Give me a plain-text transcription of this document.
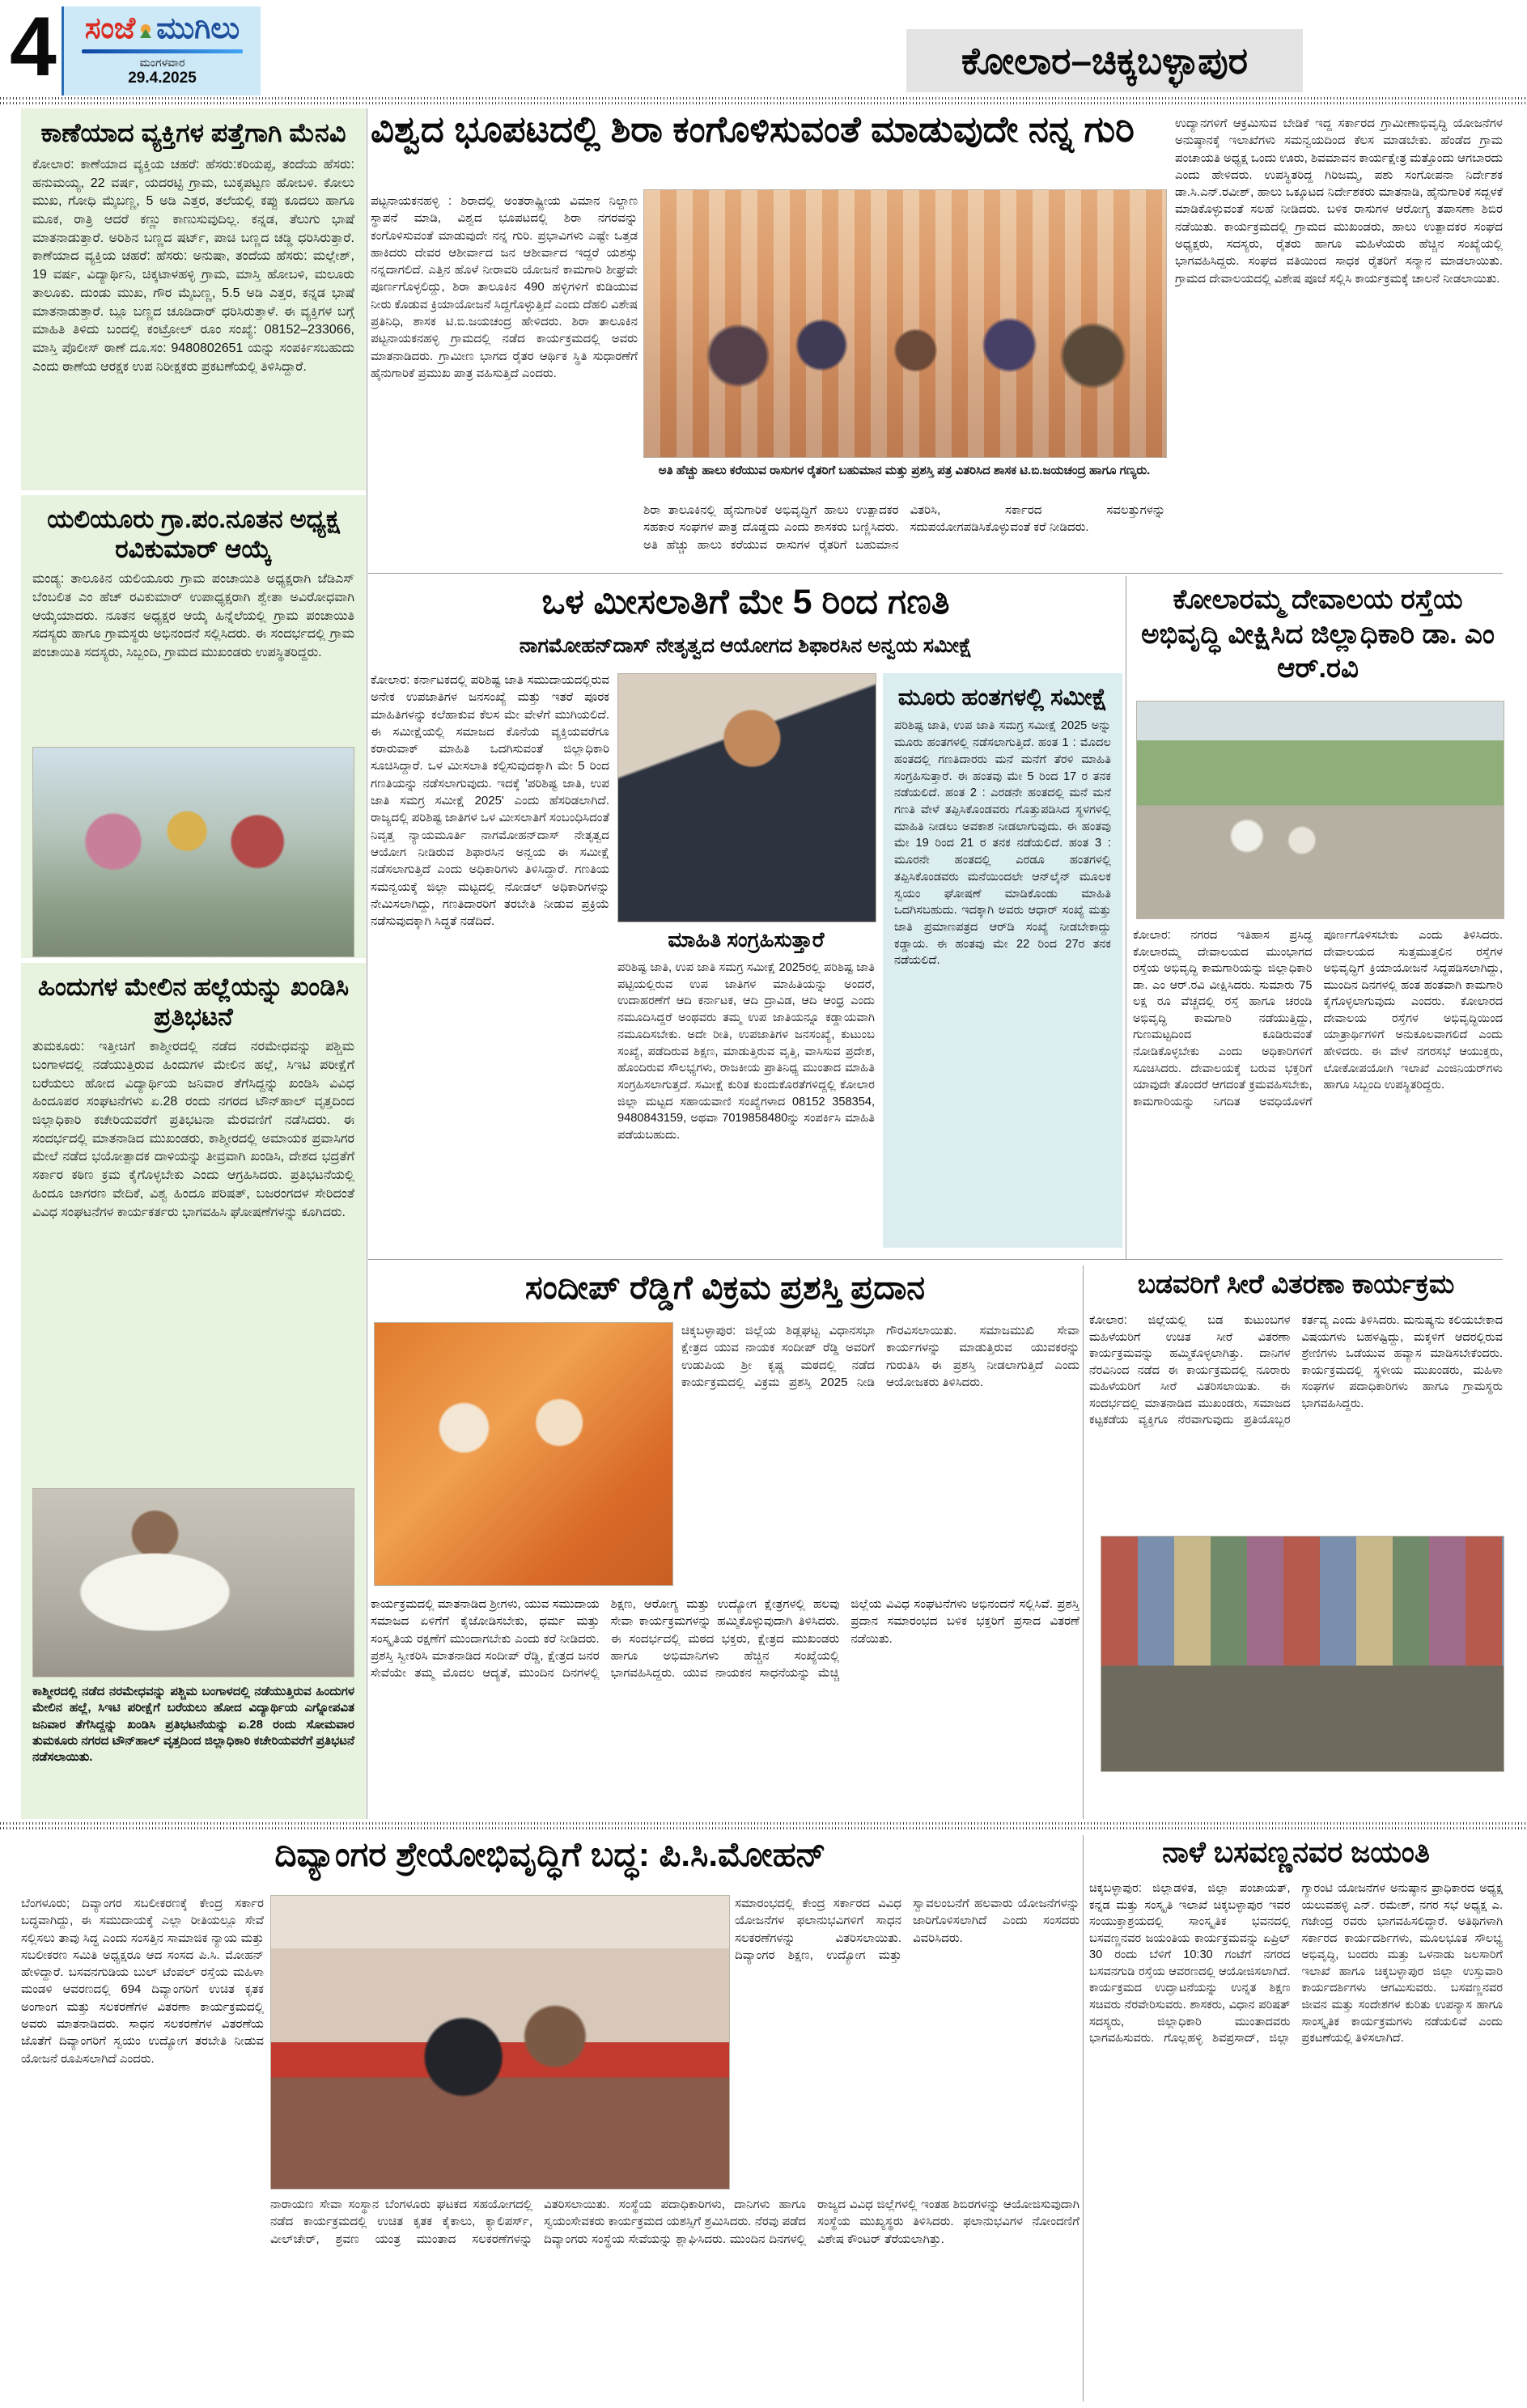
4 ಸಂಜೆ ಮುಗಿಲು
ಮಂಗಳವಾರ
29.4.2025	ಕೋಲಾರ–ಚಿಕ್ಕಬಳ್ಳಾಪುರ
ಕಾಣೆಯಾದ ವ್ಯಕ್ತಿಗಳ ಪತ್ತೆಗಾಗಿ ಮೆನವಿ
ಕೋಲಾರ: ಕಾಣೆಯಾದ ವ್ಯಕ್ತಿಯ ಚಹರೆ: ಹೆಸರು:ಕರಿಯಪ್ಪ, ತಂದೆಯ ಹೆಸರು: ಹನುಮಯ್ಯ, 22 ವರ್ಷ, ಯದರಟ್ಟಿ ಗ್ರಾಮ, ಬುಕ್ಕಪಟ್ಟಣ ಹೋಬಳಿ. ಕೋಲು ಮುಖ, ಗೋಧಿ ಮೈಬಣ್ಣ, 5 ಅಡಿ ಎತ್ತರ, ತಲೆಯಲ್ಲಿ ಕಪ್ಪು ಕೂದಲು ಹಾಗೂ ಮೂಕ, ರಾತ್ರಿ ಆದರೆ ಕಣ್ಣು ಕಾಣುಸುವುದಿಲ್ಲ. ಕನ್ನಡ, ತೆಲುಗು ಭಾಷೆ ಮಾತನಾಡುತ್ತಾರೆ. ಅರಿಶಿನ ಬಣ್ಣದ ಷರ್ಟ್, ಪಾಚಿ ಬಣ್ಣದ ಚಡ್ಡಿ ಧರಿಸಿರುತ್ತಾರೆ. ಕಾಣೆಯಾದ ವ್ಯಕ್ತಿಯ ಚಹರೆ: ಹೆಸರು: ಅನುಷಾ, ತಂದೆಯ ಹೆಸರು: ಮಲ್ಲೇಶ್, 19 ವರ್ಷ, ವಿದ್ಯಾರ್ಥಿನಿ, ಚಿಕ್ಕಟಾಳಹಳ್ಳಿ ಗ್ರಾಮ, ಮಾಸ್ತಿ ಹೋಬಳಿ, ಮಲೂರು ತಾಲೂಕು. ದುಂಡು ಮುಖ, ಗೌರ ಮೈಬಣ್ಣ, 5.5 ಅಡಿ ಎತ್ತರ, ಕನ್ನಡ ಭಾಷೆ ಮಾತನಾಡುತ್ತಾರೆ. ಬ್ಲೂ ಬಣ್ಣದ ಚೂಡಿದಾರ್ ಧರಿಸಿರುತ್ತಾಳೆ. ಈ ವ್ಯಕ್ತಿಗಳ ಬಗ್ಗೆ ಮಾಹಿತಿ ತಿಳಿದು ಬಂದಲ್ಲಿ ಕಂಟ್ರೋಲ್ ರೂಂ ಸಂಖ್ಯೆ: 08152–233066, ಮಾಸ್ತಿ ಪೊಲೀಸ್ ಠಾಣೆ ದೂ.ಸಂ: 9480802651 ಯನ್ನು ಸಂಪರ್ಕಿಸಬಹುದು ಎಂದು ಠಾಣೆಯ ಆರಕ್ಷಕ ಉಪ ನಿರೀಕ್ಷಕರು ಪ್ರಕಟಣೆಯಲ್ಲಿ ತಿಳಿಸಿದ್ದಾರೆ.
ಯಲಿಯೂರು ಗ್ರಾ.ಪಂ.ನೂತನ ಅಧ್ಯಕ್ಷ ರವಿಕುಮಾರ್ ಆಯ್ಕೆ
ಮಂಡ್ಯ: ತಾಲೂಕಿನ ಯಲಿಯೂರು ಗ್ರಾಮ ಪಂಚಾಯಿತಿ ಅಧ್ಯಕ್ಷರಾಗಿ ಜೆಡಿಎಸ್ ಬೆಂಬಲಿತ ಎಂ ಹೆಚ್ ರವಿಕುಮಾರ್ ಉಪಾಧ್ಯಕ್ಷರಾಗಿ ಶ್ವೇತಾ ಅವಿರೋಧವಾಗಿ ಆಯ್ಕೆಯಾದರು. ನೂತನ ಅಧ್ಯಕ್ಷರ ಆಯ್ಕೆ ಹಿನ್ನೆಲೆಯಲ್ಲಿ ಗ್ರಾಮ ಪಂಚಾಯಿತಿ ಸದಸ್ಯರು ಹಾಗೂ ಗ್ರಾಮಸ್ಥರು ಅಭಿನಂದನೆ ಸಲ್ಲಿಸಿದರು. ಈ ಸಂದರ್ಭದಲ್ಲಿ ಗ್ರಾಮ ಪಂಚಾಯಿತಿ ಸದಸ್ಯರು, ಸಿಬ್ಬಂದಿ, ಗ್ರಾಮದ ಮುಖಂಡರು ಉಪಸ್ಥಿತರಿದ್ದರು.
ಹಿಂದುಗಳ ಮೇಲಿನ ಹಲ್ಲೆಯನ್ನು ಖಂಡಿಸಿ ಪ್ರತಿಭಟನೆ
ತುಮಕೂರು: ಇತ್ತೀಚಿಗೆ ಕಾಶ್ಮೀರದಲ್ಲಿ ನಡೆದ ನರಮೇಧವನ್ನು ಪಶ್ಚಿಮ ಬಂಗಾಳದಲ್ಲಿ ನಡೆಯುತ್ತಿರುವ ಹಿಂದುಗಳ ಮೇಲಿನ ಹಲ್ಲೆ, ಸಿಇಟಿ ಪರೀಕ್ಷೆಗೆ ಬರೆಯಲು ಹೋದ ವಿದ್ಯಾರ್ಥಿಯ ಜನಿವಾರ ತೆಗೆಸಿದ್ದನ್ನು ಖಂಡಿಸಿ ವಿವಿಧ ಹಿಂದೂಪರ ಸಂಘಟನೆಗಳು ಏ.28 ರಂದು ನಗರದ ಟೌನ್‌ಹಾಲ್ ವೃತ್ತದಿಂದ ಜಿಲ್ಲಾಧಿಕಾರಿ ಕಚೇರಿಯವರೆಗೆ ಪ್ರತಿಭಟನಾ ಮೆರವಣಿಗೆ ನಡೆಸಿದರು. ಈ ಸಂದರ್ಭದಲ್ಲಿ ಮಾತನಾಡಿದ ಮುಖಂಡರು, ಕಾಶ್ಮೀರದಲ್ಲಿ ಅಮಾಯಕ ಪ್ರವಾಸಿಗರ ಮೇಲೆ ನಡೆದ ಭಯೋತ್ಪಾದಕ ದಾಳಿಯನ್ನು ತೀವ್ರವಾಗಿ ಖಂಡಿಸಿ, ದೇಶದ ಭದ್ರತೆಗೆ ಸರ್ಕಾರ ಕಠಿಣ ಕ್ರಮ ಕೈಗೊಳ್ಳಬೇಕು ಎಂದು ಆಗ್ರಹಿಸಿದರು. ಪ್ರತಿಭಟನೆಯಲ್ಲಿ ಹಿಂದೂ ಜಾಗರಣ ವೇದಿಕೆ, ವಿಶ್ವ ಹಿಂದೂ ಪರಿಷತ್, ಬಜರಂಗದಳ ಸೇರಿದಂತೆ ವಿವಿಧ ಸಂಘಟನೆಗಳ ಕಾರ್ಯಕರ್ತರು ಭಾಗವಹಿಸಿ ಘೋಷಣೆಗಳನ್ನು ಕೂಗಿದರು.
ಕಾಶ್ಮೀರದಲ್ಲಿ ನಡೆದ ನರಮೇಧವನ್ನು ಪಶ್ಚಿಮ ಬಂಗಾಳದಲ್ಲಿ ನಡೆಯುತ್ತಿರುವ ಹಿಂದುಗಳ ಮೇಲಿನ ಹಲ್ಲೆ, ಸಿಇಟಿ ಪರೀಕ್ಷೆಗೆ ಬರೆಯಲು ಹೋದ ವಿದ್ಯಾರ್ಥಿಯ ಎಗ್ನೋಪವಿತ ಜನಿವಾರ ತೆಗೆಸಿದ್ದನ್ನು ಖಂಡಿಸಿ ಪ್ರತಿಭಟನೆಯನ್ನು ಏ.28 ರಂದು ಸೋಮವಾರ ತುಮಕೂರು ನಗರದ ಟೌನ್‌ಹಾಲ್ ವೃತ್ತದಿಂದ ಜಿಲ್ಲಾಧಿಕಾರಿ ಕಚೇರಿಯವರೆಗೆ ಪ್ರತಿಭಟನೆ ನಡೆಸಲಾಯಿತು.
ವಿಶ್ವದ ಭೂಪಟದಲ್ಲಿ ಶಿರಾ ಕಂಗೊಳಿಸುವಂತೆ ಮಾಡುವುದೇ ನನ್ನ ಗುರಿ	ಉದ್ಯಾನಗಳಿಗೆ ಆಕ್ರಮಿಸುವ ಬೇಡಿಕೆ ಇದ್ದ ಸರ್ಕಾರದ ಗ್ರಾಮೀಣಾಭಿವೃದ್ಧಿ ಯೋಜನೆಗಳ ಅನುಷ್ಠಾನಕ್ಕೆ ಇಲಾಖೆಗಳು ಸಮನ್ವಯದಿಂದ ಕೆಲಸ ಮಾಡಬೇಕು. ಹೆಂಡೆದ ಗ್ರಾಮ ಪಂಚಾಯತಿ ಅಧ್ಯಕ್ಷ ಒಂದು ಊರು, ಶಿವಮಾವನ ಕಾರ್ಯಕ್ಷೇತ್ರ ಮತ್ತೊಂದು ಆಗಬಾರದು ಎಂದು ಹೇಳಿದರು. ಉಪಸ್ಥಿತರಿದ್ದ ಗಿರಿಜಮ್ಮ, ಪಶು ಸಂಗೋಪನಾ ನಿರ್ದೇಶಕ ಡಾ.ಸಿ.ಎನ್.ರವೀಶ್, ಹಾಲು ಒಕ್ಕೂಟದ ನಿರ್ದೇಶಕರು ಮಾತನಾಡಿ, ಹೈನುಗಾರಿಕೆ ಸದ್ಬಳಕೆ ಮಾಡಿಕೊಳ್ಳುವಂತೆ ಸಲಹೆ ನೀಡಿದರು. ಬಳಿಕ ರಾಸುಗಳ ಆರೋಗ್ಯ ತಪಾಸಣಾ ಶಿಬಿರ ನಡೆಯಿತು. ಕಾರ್ಯಕ್ರಮದಲ್ಲಿ ಗ್ರಾಮದ ಮುಖಂಡರು, ಹಾಲು ಉತ್ಪಾದಕರ ಸಂಘದ ಅಧ್ಯಕ್ಷರು, ಸದಸ್ಯರು, ರೈತರು ಹಾಗೂ ಮಹಿಳೆಯರು ಹೆಚ್ಚಿನ ಸಂಖ್ಯೆಯಲ್ಲಿ ಭಾಗವಹಿಸಿದ್ದರು. ಸಂಘದ ವತಿಯಿಂದ ಸಾಧಕ ರೈತರಿಗೆ ಸನ್ಮಾನ ಮಾಡಲಾಯಿತು. ಗ್ರಾಮದ ದೇವಾಲಯದಲ್ಲಿ ವಿಶೇಷ ಪೂಜೆ ಸಲ್ಲಿಸಿ ಕಾರ್ಯಕ್ರಮಕ್ಕೆ ಚಾಲನೆ ನೀಡಲಾಯಿತು.
ಪಟ್ಟನಾಯಕನಹಳ್ಳಿ : ಶಿರಾದಲ್ಲಿ ಅಂತರಾಷ್ಟ್ರೀಯ ವಿಮಾನ ನಿಲ್ದಾಣ ಸ್ಥಾಪನೆ ಮಾಡಿ, ವಿಶ್ವದ ಭೂಪಟದಲ್ಲಿ ಶಿರಾ ನಗರವನ್ನು ಕಂಗೊಳಿಸುವಂತೆ ಮಾಡುವುದೇ ನನ್ನ ಗುರಿ. ಪ್ರಭಾವಿಗಳು ಎಷ್ಟೇ ಒತ್ತಡ ಹಾಕಿದರು ದೇವರ ಆಶೀರ್ವಾದ ಜನ ಆಶೀರ್ವಾದ ಇದ್ದರೆ ಯಶಸ್ಸು ನನ್ನದಾಗಲಿದೆ. ಎತ್ತಿನ ಹೊಳೆ ನೀರಾವರಿ ಯೋಜನೆ ಕಾಮಗಾರಿ ಶೀಘ್ರವೇ ಪೂರ್ಣಗೊಳ್ಳಲಿದ್ದು, ಶಿರಾ ತಾಲೂಕಿನ 490 ಹಳ್ಳಿಗಳಿಗೆ ಕುಡಿಯುವ ನೀರು ಕೊಡುವ ಕ್ರಿಯಾಯೋಜನೆ ಸಿದ್ದಗೊಳ್ಳುತ್ತಿದೆ ಎಂದು ದೆಹಲಿ ವಿಶೇಷ ಪ್ರತಿನಿಧಿ, ಶಾಸಕ ಟಿ.ಬಿ.ಜಯಚಂದ್ರ ಹೇಳಿದರು. ಶಿರಾ ತಾಲೂಕಿನ ಪಟ್ಟನಾಯಕನಹಳ್ಳಿ ಗ್ರಾಮದಲ್ಲಿ ನಡೆದ ಕಾರ್ಯಕ್ರಮದಲ್ಲಿ ಅವರು ಮಾತನಾಡಿದರು. ಗ್ರಾಮೀಣ ಭಾಗದ ರೈತರ ಆರ್ಥಿಕ ಸ್ಥಿತಿ ಸುಧಾರಣೆಗೆ ಹೈನುಗಾರಿಕೆ ಪ್ರಮುಖ ಪಾತ್ರ ವಹಿಸುತ್ತಿದೆ ಎಂದರು.
ಅತಿ ಹೆಚ್ಚು ಹಾಲು ಕರೆಯುವ ರಾಸುಗಳ ರೈತರಿಗೆ ಬಹುಮಾನ ಮತ್ತು ಪ್ರಶಸ್ತಿ ಪತ್ರ ವಿತರಿಸಿದ ಶಾಸಕ ಟಿ.ಬಿ.ಜಯಚಂದ್ರ ಹಾಗೂ ಗಣ್ಯರು.
ಶಿರಾ ತಾಲೂಕಿನಲ್ಲಿ ಹೈನುಗಾರಿಕೆ ಅಭಿವೃದ್ಧಿಗೆ ಹಾಲು ಉತ್ಪಾದಕರ ಸಹಕಾರ ಸಂಘಗಳ ಪಾತ್ರ ದೊಡ್ಡದು ಎಂದು ಶಾಸಕರು ಬಣ್ಣಿಸಿದರು. ಅತಿ ಹೆಚ್ಚು ಹಾಲು ಕರೆಯುವ ರಾಸುಗಳ ರೈತರಿಗೆ ಬಹುಮಾನ ವಿತರಿಸಿ, ಸರ್ಕಾರದ ಸವಲತ್ತುಗಳನ್ನು ಸದುಪಯೋಗಪಡಿಸಿಕೊಳ್ಳುವಂತೆ ಕರೆ ನೀಡಿದರು.
ಒಳ ಮೀಸಲಾತಿಗೆ ಮೇ 5 ರಿಂದ ಗಣತಿ
ನಾಗಮೋಹನ್‌ದಾಸ್ ನೇತೃತ್ವದ ಆಯೋಗದ ಶಿಫಾರಸಿನ ಅನ್ವಯ ಸಮೀಕ್ಷೆ
ಕೋಲಾರ: ಕರ್ನಾಟಕದಲ್ಲಿ ಪರಿಶಿಷ್ಟ ಜಾತಿ ಸಮುದಾಯದಲ್ಲಿರುವ ಅನೇಕ ಉಪಜಾತಿಗಳ ಜನಸಂಖ್ಯೆ ಮತ್ತು ಇತರೆ ಪೂರಕ ಮಾಹಿತಿಗಳನ್ನು ಕಲೆಹಾಕುವ ಕೆಲಸ ಮೇ ವೇಳೆಗೆ ಮುಗಿಯಲಿದೆ. ಈ ಸಮೀಕ್ಷೆಯಲ್ಲಿ ಸಮಾಜದ ಕೊನೆಯ ವ್ಯಕ್ತಿಯವರೆಗೂ ಕರಾರುವಾಕ್ ಮಾಹಿತಿ ಒದಗಿಸುವಂತೆ ಜಿಲ್ಲಾಧಿಕಾರಿ ಸೂಚಿಸಿದ್ದಾರೆ. ಒಳ ಮೀಸಲಾತಿ ಕಲ್ಪಿಸುವುದಕ್ಕಾಗಿ ಮೇ 5 ರಿಂದ ಗಣತಿಯನ್ನು ನಡೆಸಲಾಗುವುದು. ಇದಕ್ಕೆ 'ಪರಿಶಿಷ್ಟ ಜಾತಿ, ಉಪ ಜಾತಿ ಸಮಗ್ರ ಸಮೀಕ್ಷೆ 2025' ಎಂದು ಹೆಸರಿಡಲಾಗಿದೆ. ರಾಜ್ಯದಲ್ಲಿ ಪರಿಶಿಷ್ಟ ಜಾತಿಗಳ ಒಳ ಮೀಸಲಾತಿಗೆ ಸಂಬಂಧಿಸಿದಂತೆ ನಿವೃತ್ತ ನ್ಯಾಯಮೂರ್ತಿ ನಾಗಮೋಹನ್‌ದಾಸ್ ನೇತೃತ್ವದ ಆಯೋಗ ನೀಡಿರುವ ಶಿಫಾರಸಿನ ಅನ್ವಯ ಈ ಸಮೀಕ್ಷೆ ನಡೆಸಲಾಗುತ್ತಿದೆ ಎಂದು ಅಧಿಕಾರಿಗಳು ತಿಳಿಸಿದ್ದಾರೆ. ಗಣತಿಯ ಸಮನ್ವಯಕ್ಕೆ ಜಿಲ್ಲಾ ಮಟ್ಟದಲ್ಲಿ ನೋಡಲ್ ಅಧಿಕಾರಿಗಳನ್ನು ನೇಮಿಸಲಾಗಿದ್ದು, ಗಣತಿದಾರರಿಗೆ ತರಬೇತಿ ನೀಡುವ ಪ್ರಕ್ರಿಯೆ ನಡೆಸುವುದಕ್ಕಾಗಿ ಸಿದ್ಧತೆ ನಡೆದಿದೆ.
ಮಾಹಿತಿ ಸಂಗ್ರಹಿಸುತ್ತಾರೆ
ಪರಿಶಿಷ್ಟ ಜಾತಿ, ಉಪ ಜಾತಿ ಸಮಗ್ರ ಸಮೀಕ್ಷೆ 2025ರಲ್ಲಿ ಪರಿಶಿಷ್ಟ ಜಾತಿ ಪಟ್ಟಿಯಲ್ಲಿರುವ ಉಪ ಜಾತಿಗಳ ಮಾಹಿತಿಯನ್ನು ಅಂದರೆ, ಉದಾಹರಣೆಗೆ ಆದಿ ಕರ್ನಾಟಕ, ಆದಿ ದ್ರಾವಿಡ, ಆದಿ ಆಂಧ್ರ ಎಂದು ನಮೂದಿಸಿದ್ದರೆ ಅಂಥವರು ತಮ್ಮ ಉಪ ಜಾತಿಯನ್ನೂ ಕಡ್ಡಾಯವಾಗಿ ನಮೂದಿಸಬೇಕು. ಅದೇ ರೀತಿ, ಉಪಜಾತಿಗಳ ಜನಸಂಖ್ಯೆ, ಕುಟುಂಬ ಸಂಖ್ಯೆ, ಪಡೆದಿರುವ ಶಿಕ್ಷಣ, ಮಾಡುತ್ತಿರುವ ವೃತ್ತಿ, ವಾಸಿಸುವ ಪ್ರದೇಶ, ಹೊಂದಿರುವ ಸೌಲಭ್ಯಗಳು, ರಾಜಕೀಯ ಪ್ರಾತಿನಿಧ್ಯ ಮುಂತಾದ ಮಾಹಿತಿ ಸಂಗ್ರಹಿಸಲಾಗುತ್ತದೆ. ಸಮೀಕ್ಷೆ ಕುರಿತ ಕುಂದುಕೊರತೆಗಳಿದ್ದಲ್ಲಿ ಕೋಲಾರ ಜಿಲ್ಲಾ ಮಟ್ಟದ ಸಹಾಯವಾಣಿ ಸಂಖ್ಯೆಗಳಾದ 08152 358354, 9480843159, ಅಥವಾ 7019858480ನ್ನು ಸಂಪರ್ಕಿಸಿ ಮಾಹಿತಿ ಪಡೆಯಬಹುದು.
ಮೂರು ಹಂತಗಳಲ್ಲಿ ಸಮೀಕ್ಷೆ
ಪರಿಶಿಷ್ಟ ಜಾತಿ, ಉಪ ಜಾತಿ ಸಮಗ್ರ ಸಮೀಕ್ಷೆ 2025 ಅನ್ನು ಮೂರು ಹಂತಗಳಲ್ಲಿ ನಡೆಸಲಾಗುತ್ತಿದೆ. ಹಂತ 1 : ಮೊದಲ ಹಂತದಲ್ಲಿ ಗಣತಿದಾರರು ಮನೆ ಮನೆಗೆ ತೆರಳಿ ಮಾಹಿತಿ ಸಂಗ್ರಹಿಸುತ್ತಾರೆ. ಈ ಹಂತವು ಮೇ 5 ರಿಂದ 17 ರ ತನಕ ನಡೆಯಲಿದೆ. ಹಂತ 2 : ಎರಡನೇ ಹಂತದಲ್ಲಿ ಮನೆ ಮನೆ ಗಣತಿ ವೇಳೆ ತಪ್ಪಿಸಿಕೊಂಡವರು ಗೊತ್ತುಪಡಿಸಿದ ಸ್ಥಳಗಳಲ್ಲಿ ಮಾಹಿತಿ ನೀಡಲು ಅವಕಾಶ ನೀಡಲಾಗುವುದು. ಈ ಹಂತವು ಮೇ 19 ರಿಂದ 21 ರ ತನಕ ನಡೆಯಲಿದೆ. ಹಂತ 3 : ಮೂರನೇ ಹಂತದಲ್ಲಿ ಎರಡೂ ಹಂತಗಳಲ್ಲಿ ತಪ್ಪಿಸಿಕೊಂಡವರು ಮನೆಯಿಂದಲೇ ಆನ್‌ಲೈನ್ ಮೂಲಕ ಸ್ವಯಂ ಘೋಷಣೆ ಮಾಡಿಕೊಂಡು ಮಾಹಿತಿ ಒದಗಿಸಬಹುದು. ಇದಕ್ಕಾಗಿ ಅವರು ಆಧಾರ್ ಸಂಖ್ಯೆ ಮತ್ತು ಜಾತಿ ಪ್ರಮಾಣಪತ್ರದ ಆರ್‌ಡಿ ಸಂಖ್ಯೆ ನೀಡಬೇಕಾದ್ದು ಕಡ್ಡಾಯ. ಈ ಹಂತವು ಮೇ 22 ರಿಂದ 27ರ ತನಕ ನಡೆಯಲಿದೆ.
ಕೋಲಾರಮ್ಮ ದೇವಾಲಯ ರಸ್ತೆಯ ಅಭಿವೃದ್ಧಿ ವೀಕ್ಷಿಸಿದ ಜಿಲ್ಲಾಧಿಕಾರಿ ಡಾ. ಎಂ ಆರ್.ರವಿ
ಕೋಲಾರ: ನಗರದ ಇತಿಹಾಸ ಪ್ರಸಿದ್ಧ ಕೋಲಾರಮ್ಮ ದೇವಾಲಯದ ಮುಂಭಾಗದ ರಸ್ತೆಯ ಅಭಿವೃದ್ಧಿ ಕಾಮಗಾರಿಯನ್ನು ಜಿಲ್ಲಾಧಿಕಾರಿ ಡಾ. ಎಂ ಆರ್.ರವಿ ವೀಕ್ಷಿಸಿದರು. ಸುಮಾರು 75 ಲಕ್ಷ ರೂ ವೆಚ್ಚದಲ್ಲಿ ರಸ್ತೆ ಹಾಗೂ ಚರಂಡಿ ಅಭಿವೃದ್ಧಿ ಕಾಮಗಾರಿ ನಡೆಯುತ್ತಿದ್ದು, ಗುಣಮಟ್ಟದಿಂದ ಕೂಡಿರುವಂತೆ ನೋಡಿಕೊಳ್ಳಬೇಕು ಎಂದು ಅಧಿಕಾರಿಗಳಿಗೆ ಸೂಚಿಸಿದರು. ದೇವಾಲಯಕ್ಕೆ ಬರುವ ಭಕ್ತರಿಗೆ ಯಾವುದೇ ತೊಂದರೆ ಆಗದಂತೆ ಕ್ರಮವಹಿಸಬೇಕು, ಕಾಮಗಾರಿಯನ್ನು ನಿಗದಿತ ಅವಧಿಯೊಳಗೆ ಪೂರ್ಣಗೊಳಿಸಬೇಕು ಎಂದು ತಿಳಿಸಿದರು. ದೇವಾಲಯದ ಸುತ್ತಮುತ್ತಲಿನ ರಸ್ತೆಗಳ ಅಭಿವೃದ್ಧಿಗೆ ಕ್ರಿಯಾಯೋಜನೆ ಸಿದ್ಧಪಡಿಸಲಾಗಿದ್ದು, ಮುಂದಿನ ದಿನಗಳಲ್ಲಿ ಹಂತ ಹಂತವಾಗಿ ಕಾಮಗಾರಿ ಕೈಗೊಳ್ಳಲಾಗುವುದು ಎಂದರು. ಕೋಲಾರದ ದೇವಾಲಯ ರಸ್ತೆಗಳ ಅಭಿವೃದ್ಧಿಯಿಂದ ಯಾತ್ರಾರ್ಥಿಗಳಿಗೆ ಅನುಕೂಲವಾಗಲಿದೆ ಎಂದು ಹೇಳಿದರು. ಈ ವೇಳೆ ನಗರಸಭೆ ಆಯುಕ್ತರು, ಲೋಕೋಪಯೋಗಿ ಇಲಾಖೆ ಎಂಜಿನಿಯರ್‌ಗಳು ಹಾಗೂ ಸಿಬ್ಬಂದಿ ಉಪಸ್ಥಿತರಿದ್ದರು.
ಸಂದೀಪ್ ರೆಡ್ಡಿಗೆ ವಿಕ್ರಮ ಪ್ರಶಸ್ತಿ ಪ್ರದಾನ
ಚಿಕ್ಕಬಳ್ಳಾಪುರ: ಜಿಲ್ಲೆಯ ಶಿಡ್ಲಘಟ್ಟ ವಿಧಾನಸಭಾ ಕ್ಷೇತ್ರದ ಯುವ ನಾಯಕ ಸಂದೀಪ್ ರೆಡ್ಡಿ ಅವರಿಗೆ ಉಡುಪಿಯ ಶ್ರೀ ಕೃಷ್ಣ ಮಠದಲ್ಲಿ ನಡೆದ ಕಾರ್ಯಕ್ರಮದಲ್ಲಿ ವಿಕ್ರಮ ಪ್ರಶಸ್ತಿ 2025 ನೀಡಿ ಗೌರವಿಸಲಾಯಿತು. ಸಮಾಜಮುಖಿ ಸೇವಾ ಕಾರ್ಯಗಳನ್ನು ಮಾಡುತ್ತಿರುವ ಯುವಕರನ್ನು ಗುರುತಿಸಿ ಈ ಪ್ರಶಸ್ತಿ ನೀಡಲಾಗುತ್ತಿದೆ ಎಂದು ಆಯೋಜಕರು ತಿಳಿಸಿದರು.
ಕಾರ್ಯಕ್ರಮದಲ್ಲಿ ಮಾತನಾಡಿದ ಶ್ರೀಗಳು, ಯುವ ಸಮುದಾಯ ಸಮಾಜದ ಏಳಿಗೆಗೆ ಕೈಜೋಡಿಸಬೇಕು, ಧರ್ಮ ಮತ್ತು ಸಂಸ್ಕೃತಿಯ ರಕ್ಷಣೆಗೆ ಮುಂದಾಗಬೇಕು ಎಂದು ಕರೆ ನೀಡಿದರು. ಪ್ರಶಸ್ತಿ ಸ್ವೀಕರಿಸಿ ಮಾತನಾಡಿದ ಸಂದೀಪ್ ರೆಡ್ಡಿ, ಕ್ಷೇತ್ರದ ಜನರ ಸೇವೆಯೇ ತಮ್ಮ ಮೊದಲ ಆದ್ಯತೆ, ಮುಂದಿನ ದಿನಗಳಲ್ಲಿ ಶಿಕ್ಷಣ, ಆರೋಗ್ಯ ಮತ್ತು ಉದ್ಯೋಗ ಕ್ಷೇತ್ರಗಳಲ್ಲಿ ಹಲವು ಸೇವಾ ಕಾರ್ಯಕ್ರಮಗಳನ್ನು ಹಮ್ಮಿಕೊಳ್ಳುವುದಾಗಿ ತಿಳಿಸಿದರು. ಈ ಸಂದರ್ಭದಲ್ಲಿ ಮಠದ ಭಕ್ತರು, ಕ್ಷೇತ್ರದ ಮುಖಂಡರು ಹಾಗೂ ಅಭಿಮಾನಿಗಳು ಹೆಚ್ಚಿನ ಸಂಖ್ಯೆಯಲ್ಲಿ ಭಾಗವಹಿಸಿದ್ದರು. ಯುವ ನಾಯಕನ ಸಾಧನೆಯನ್ನು ಮೆಚ್ಚಿ ಜಿಲ್ಲೆಯ ವಿವಿಧ ಸಂಘಟನೆಗಳು ಅಭಿನಂದನೆ ಸಲ್ಲಿಸಿವೆ. ಪ್ರಶಸ್ತಿ ಪ್ರದಾನ ಸಮಾರಂಭದ ಬಳಿಕ ಭಕ್ತರಿಗೆ ಪ್ರಸಾದ ವಿತರಣೆ ನಡೆಯಿತು.
ಬಡವರಿಗೆ ಸೀರೆ ವಿತರಣಾ ಕಾರ್ಯಕ್ರಮ
ಕೋಲಾರ: ಜಿಲ್ಲೆಯಲ್ಲಿ ಬಡ ಕುಟುಂಬಗಳ ಮಹಿಳೆಯರಿಗೆ ಉಚಿತ ಸೀರೆ ವಿತರಣಾ ಕಾರ್ಯಕ್ರಮವನ್ನು ಹಮ್ಮಿಕೊಳ್ಳಲಾಗಿತ್ತು. ದಾನಿಗಳ ನೆರವಿನಿಂದ ನಡೆದ ಈ ಕಾರ್ಯಕ್ರಮದಲ್ಲಿ ನೂರಾರು ಮಹಿಳೆಯರಿಗೆ ಸೀರೆ ವಿತರಿಸಲಾಯಿತು. ಈ ಸಂದರ್ಭದಲ್ಲಿ ಮಾತನಾಡಿದ ಮುಖಂಡರು, ಸಮಾಜದ ಕಟ್ಟಕಡೆಯ ವ್ಯಕ್ತಿಗೂ ನೆರವಾಗುವುದು ಪ್ರತಿಯೊಬ್ಬರ ಕರ್ತವ್ಯ ಎಂದು ತಿಳಿಸಿದರು. ಮನುಷ್ಯನು ಕಲಿಯಬೇಕಾದ ವಿಷಯಗಳು ಬಹಳಷ್ಟಿದ್ದು, ಮಕ್ಕಳಿಗೆ ಆದರಲ್ಲಿರುವ ಶ್ರೇಣಿಗಳು ಒಡೆಯುವ ಹವ್ಯಾಸ ಮಾಡಿಸಬೇಕೆಂದರು. ಕಾರ್ಯಕ್ರಮದಲ್ಲಿ ಸ್ಥಳೀಯ ಮುಖಂಡರು, ಮಹಿಳಾ ಸಂಘಗಳ ಪದಾಧಿಕಾರಿಗಳು ಹಾಗೂ ಗ್ರಾಮಸ್ಥರು ಭಾಗವಹಿಸಿದ್ದರು.
ದಿವ್ಯಾಂಗರ ಶ್ರೇಯೋಭಿವೃದ್ಧಿಗೆ ಬದ್ಧ: ಪಿ.ಸಿ.ಮೋಹನ್
ಬೆಂಗಳೂರು; ದಿವ್ಯಾಂಗರ ಸಬಲೀಕರಣಕ್ಕೆ ಕೇಂದ್ರ ಸರ್ಕಾರ ಬದ್ಧವಾಗಿದ್ದು, ಈ ಸಮುದಾಯಕ್ಕೆ ಎಲ್ಲಾ ರೀತಿಯಲ್ಲೂ ಸೇವೆ ಸಲ್ಲಿಸಲು ತಾವು ಸಿದ್ಧ ಎಂದು ಸಂಸತ್ತಿನ ಸಾಮಾಜಿಕ ನ್ಯಾಯ ಮತ್ತು ಸಬಲೀಕರಣ ಸಮಿತಿ ಅಧ್ಯಕ್ಷರೂ ಆದ ಸಂಸದ ಪಿ.ಸಿ. ಮೋಹನ್ ಹೇಳಿದ್ದಾರೆ. ಬಸವನಗುಡಿಯ ಬುಲ್ ಟೆಂಪಲ್ ರಸ್ತೆಯ ಮಹಿಳಾ ಮಂಡಳಿ ಆವರಣದಲ್ಲಿ 694 ದಿವ್ಯಾಂಗರಿಗೆ ಉಚಿತ ಕೃತಕ ಅಂಗಾಂಗ ಮತ್ತು ಸಲಕರಣೆಗಳ ವಿತರಣಾ ಕಾರ್ಯಕ್ರಮದಲ್ಲಿ ಅವರು ಮಾತನಾಡಿದರು. ಸಾಧನ ಸಲಕರಣೆಗಳ ವಿತರಣೆಯ ಜೊತೆಗೆ ದಿವ್ಯಾಂಗರಿಗೆ ಸ್ವಯಂ ಉದ್ಯೋಗ ತರಬೇತಿ ನೀಡುವ ಯೋಜನೆ ರೂಪಿಸಲಾಗಿದೆ ಎಂದರು.
ಸಮಾರಂಭದಲ್ಲಿ ಕೇಂದ್ರ ಸರ್ಕಾರದ ವಿವಿಧ ಯೋಜನೆಗಳ ಫಲಾನುಭವಿಗಳಿಗೆ ಸಾಧನ ಸಲಕರಣೆಗಳನ್ನು ವಿತರಿಸಲಾಯಿತು. ದಿವ್ಯಾಂಗರ ಶಿಕ್ಷಣ, ಉದ್ಯೋಗ ಮತ್ತು ಸ್ವಾವಲಂಬನೆಗೆ ಹಲವಾರು ಯೋಜನೆಗಳನ್ನು ಜಾರಿಗೊಳಿಸಲಾಗಿದೆ ಎಂದು ಸಂಸದರು ವಿವರಿಸಿದರು.
ನಾರಾಯಣ ಸೇವಾ ಸಂಸ್ಥಾನ ಬೆಂಗಳೂರು ಘಟಕದ ಸಹಯೋಗದಲ್ಲಿ ನಡೆದ ಕಾರ್ಯಕ್ರಮದಲ್ಲಿ ಉಚಿತ ಕೃತಕ ಕೈಕಾಲು, ಕ್ಯಾಲಿಪರ್ಸ್, ವೀಲ್‌ಚೇರ್, ಶ್ರವಣ ಯಂತ್ರ ಮುಂತಾದ ಸಲಕರಣೆಗಳನ್ನು ವಿತರಿಸಲಾಯಿತು. ಸಂಸ್ಥೆಯ ಪದಾಧಿಕಾರಿಗಳು, ದಾನಿಗಳು ಹಾಗೂ ಸ್ವಯಂಸೇವಕರು ಕಾರ್ಯಕ್ರಮದ ಯಶಸ್ಸಿಗೆ ಶ್ರಮಿಸಿದರು. ನೆರವು ಪಡೆದ ದಿವ್ಯಾಂಗರು ಸಂಸ್ಥೆಯ ಸೇವೆಯನ್ನು ಶ್ಲಾಘಿಸಿದರು. ಮುಂದಿನ ದಿನಗಳಲ್ಲಿ ರಾಜ್ಯದ ವಿವಿಧ ಜಿಲ್ಲೆಗಳಲ್ಲಿ ಇಂತಹ ಶಿಬಿರಗಳನ್ನು ಆಯೋಜಿಸುವುದಾಗಿ ಸಂಸ್ಥೆಯ ಮುಖ್ಯಸ್ಥರು ತಿಳಿಸಿದರು. ಫಲಾನುಭವಿಗಳ ನೋಂದಣಿಗೆ ವಿಶೇಷ ಕೌಂಟರ್ ತೆರೆಯಲಾಗಿತ್ತು.
ನಾಳೆ ಬಸವಣ್ಣನವರ ಜಯಂತಿ
ಚಿಕ್ಕಬಳ್ಳಾಪುರ: ಜಿಲ್ಲಾಡಳಿತ, ಜಿಲ್ಲಾ ಪಂಚಾಯತ್, ಕನ್ನಡ ಮತ್ತು ಸಂಸ್ಕೃತಿ ಇಲಾಖೆ ಚಿಕ್ಕಬಳ್ಳಾಪುರ ಇವರ ಸಂಯುಕ್ತಾಶ್ರಯದಲ್ಲಿ ಸಾಂಸ್ಕೃತಿಕ ಭವನದಲ್ಲಿ ಬಸವಣ್ಣನವರ ಜಯಂತಿಯ ಕಾರ್ಯಕ್ರಮವನ್ನು ಏಪ್ರಿಲ್ 30 ರಂದು ಬೆಳಿಗೆ 10:30 ಗಂಟೆಗೆ ನಗರದ ಬಸವನಗುಡಿ ರಸ್ತೆಯ ಆವರಣದಲ್ಲಿ ಆಯೋಜಿಸಲಾಗಿದೆ. ಕಾರ್ಯಕ್ರಮದ ಉದ್ಘಾಟನೆಯನ್ನು ಉನ್ನತ ಶಿಕ್ಷಣ ಸಚಿವರು ನೆರವೇರಿಸುವರು. ಶಾಸಕರು, ವಿಧಾನ ಪರಿಷತ್ ಸದಸ್ಯರು, ಜಿಲ್ಲಾಧಿಕಾರಿ ಮುಂತಾದವರು ಭಾಗವಹಿಸುವರು. ಗೊಲ್ಲಹಳ್ಳಿ ಶಿವಪ್ರಸಾದ್, ಜಿಲ್ಲಾ ಗ್ಯಾರಂಟಿ ಯೋಜನೆಗಳ ಅನುಷ್ಠಾನ ಪ್ರಾಧಿಕಾರದ ಅಧ್ಯಕ್ಷ ಯಲುವಹಳ್ಳಿ ಎನ್. ರಮೇಶ್, ನಗರ ಸಭೆ ಅಧ್ಯಕ್ಷ ಎ. ಗಜೇಂದ್ರ ರವರು ಭಾಗವಹಿಸಲಿದ್ದಾರೆ. ಅತಿಥಿಗಳಾಗಿ ಸರ್ಕಾರದ ಕಾರ್ಯದರ್ಶಿಗಳು, ಮೂಲಭೂತ ಸೌಲಭ್ಯ ಅಭಿವೃದ್ಧಿ, ಬಂದರು ಮತ್ತು ಒಳನಾಡು ಜಲಸಾರಿಗೆ ಇಲಾಖೆ ಹಾಗೂ ಚಿಕ್ಕಬಳ್ಳಾಪುರ ಜಿಲ್ಲಾ ಉಸ್ತುವಾರಿ ಕಾರ್ಯದರ್ಶಿಗಳು ಆಗಮಿಸುವರು. ಬಸವಣ್ಣನವರ ಜೀವನ ಮತ್ತು ಸಂದೇಶಗಳ ಕುರಿತು ಉಪನ್ಯಾಸ ಹಾಗೂ ಸಾಂಸ್ಕೃತಿಕ ಕಾರ್ಯಕ್ರಮಗಳು ನಡೆಯಲಿವೆ ಎಂದು ಪ್ರಕಟಣೆಯಲ್ಲಿ ತಿಳಿಸಲಾಗಿದೆ.
